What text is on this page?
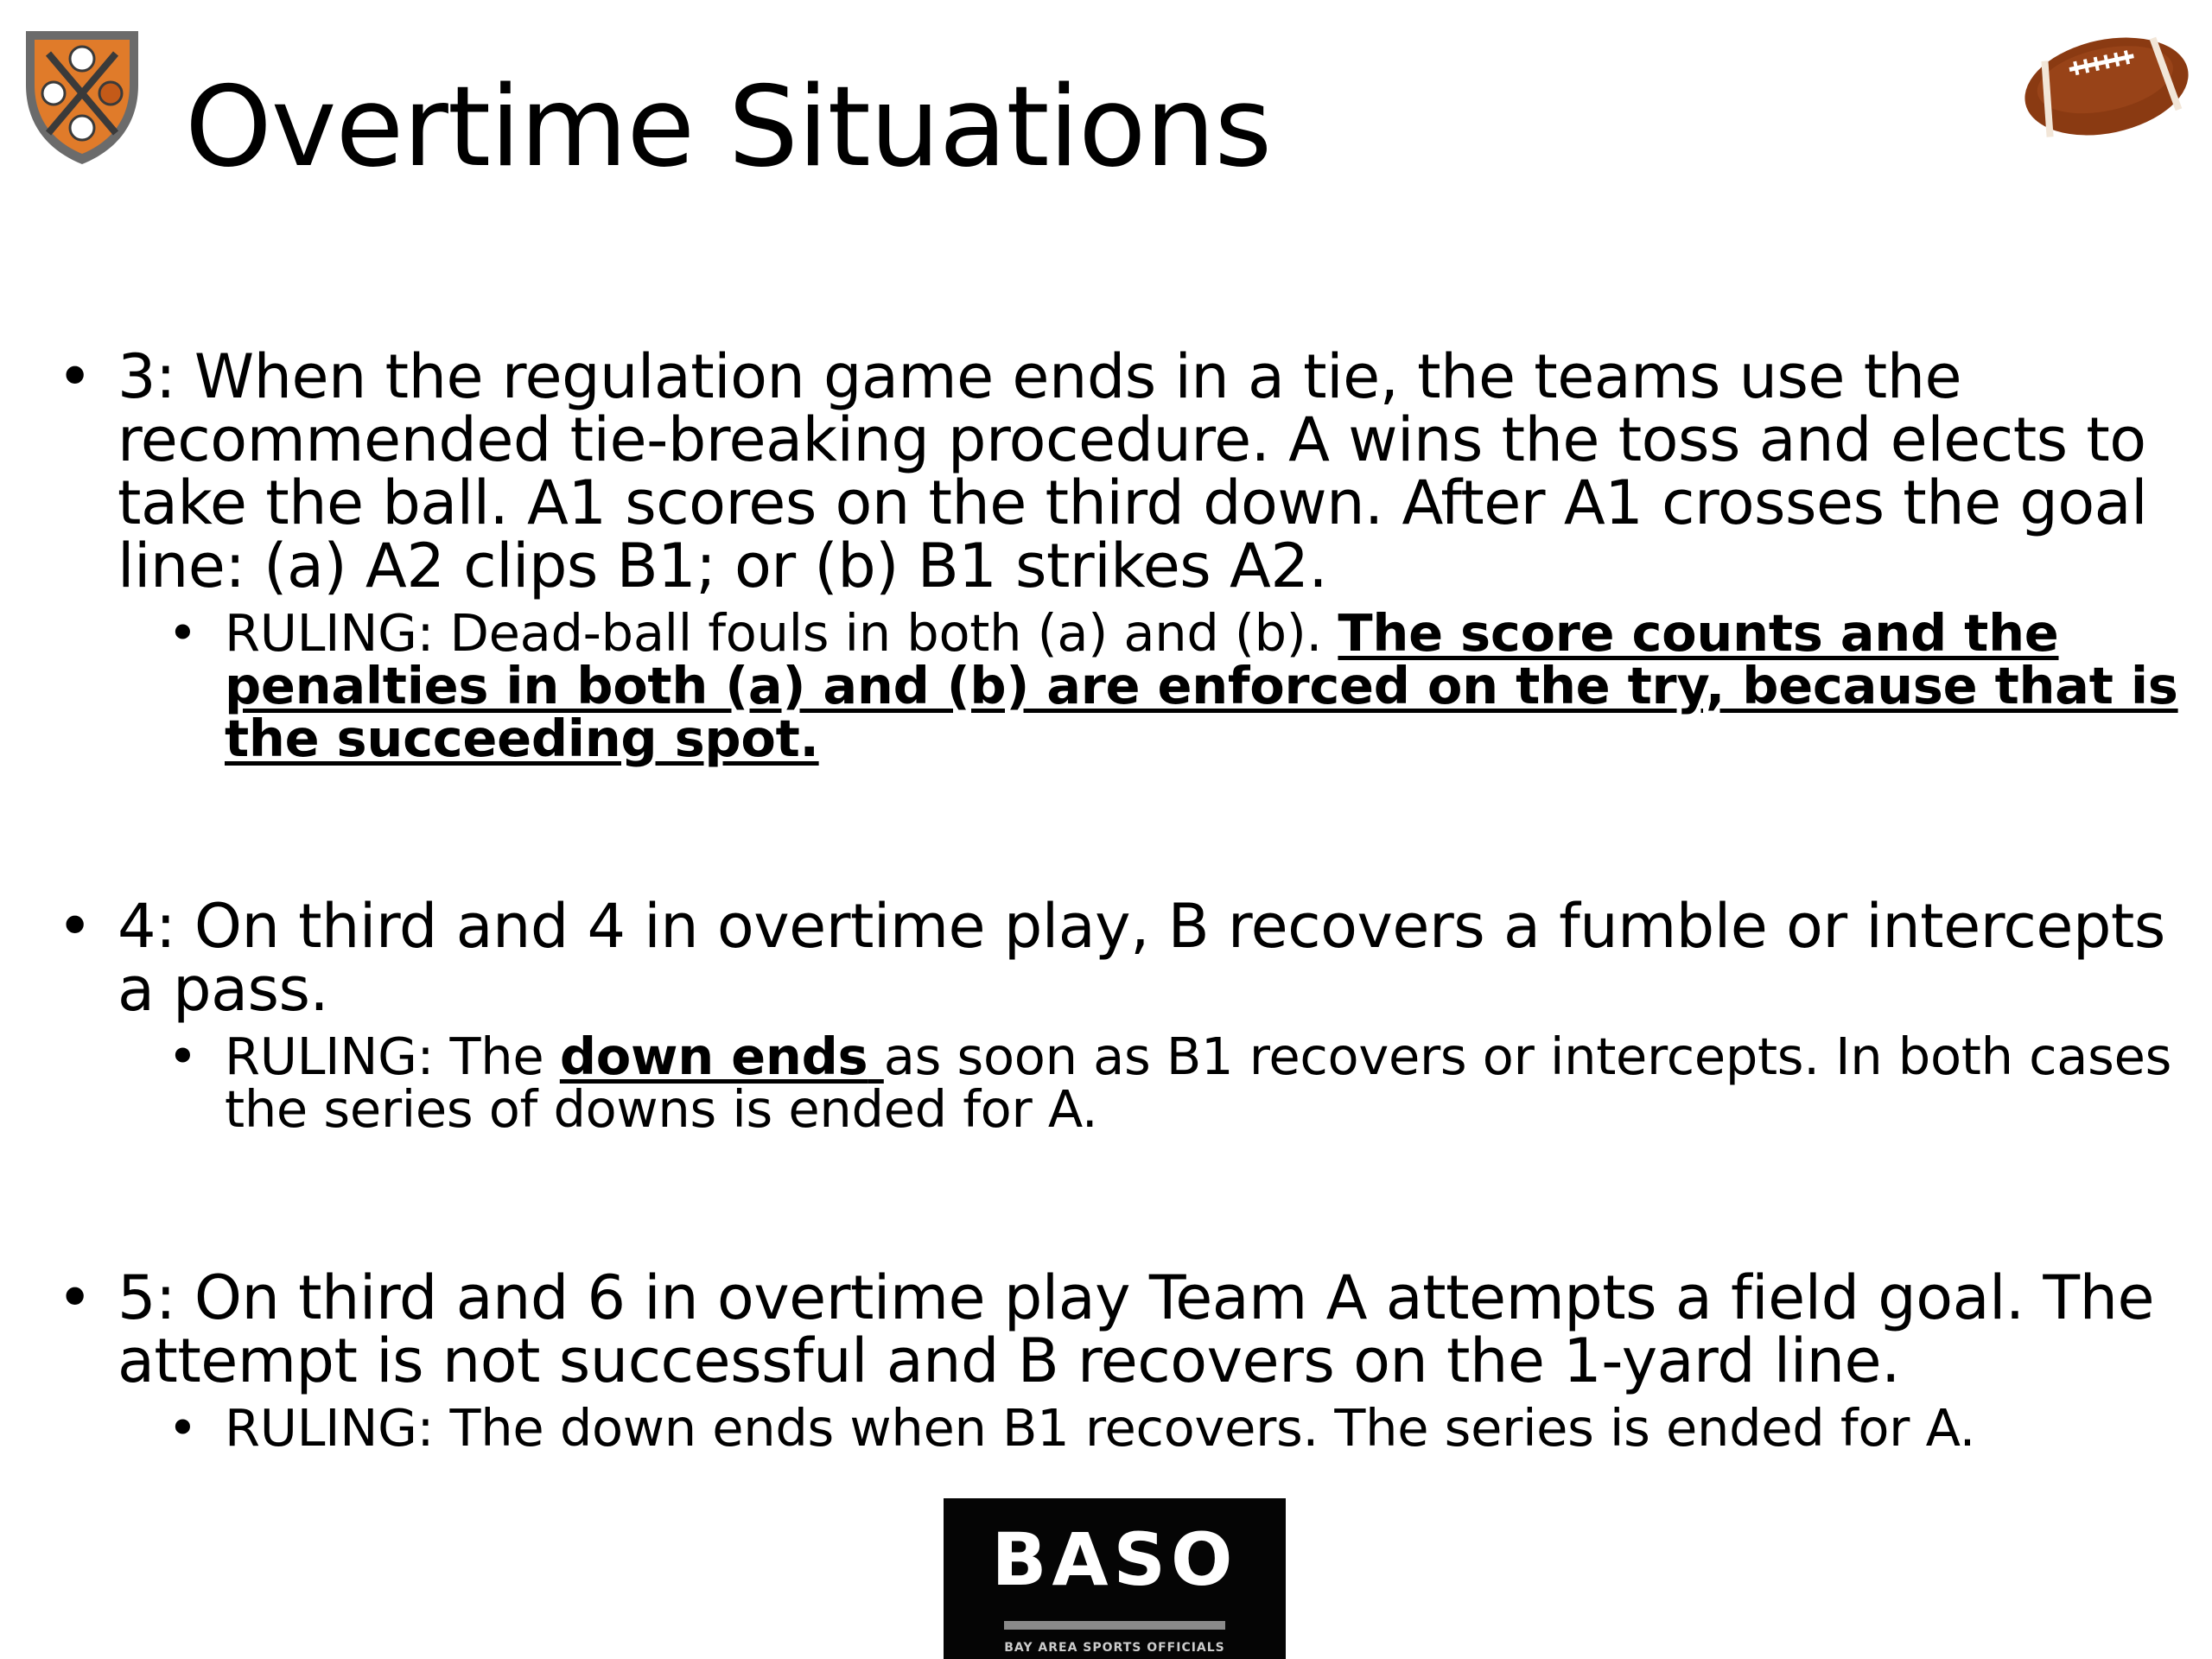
Overtime Situations
• 3: When the regulation game ends in a tie, the teams use the recommended tie-breaking procedure. A wins the toss and elects to take the ball. A1 scores on the third down. After A1 crosses the goal line: (a) A2 clips B1; or (b) B1 strikes A2.
• RULING: Dead-ball fouls in both (a) and (b). The score counts and the penalties in both (a) and (b) are enforced on the try, because that is the succeeding spot.
• 4: On third and 4 in overtime play, B recovers a fumble or intercepts a pass.
• RULING: The down ends as soon as B1 recovers or intercepts. In both cases the series of downs is ended for A.
• 5: On third and 6 in overtime play Team A attempts a field goal. The attempt is not successful and B recovers on the 1-yard line.
• RULING: The down ends when B1 recovers. The series is ended for A.
BASO
BAY AREA SPORTS OFFICIALS
